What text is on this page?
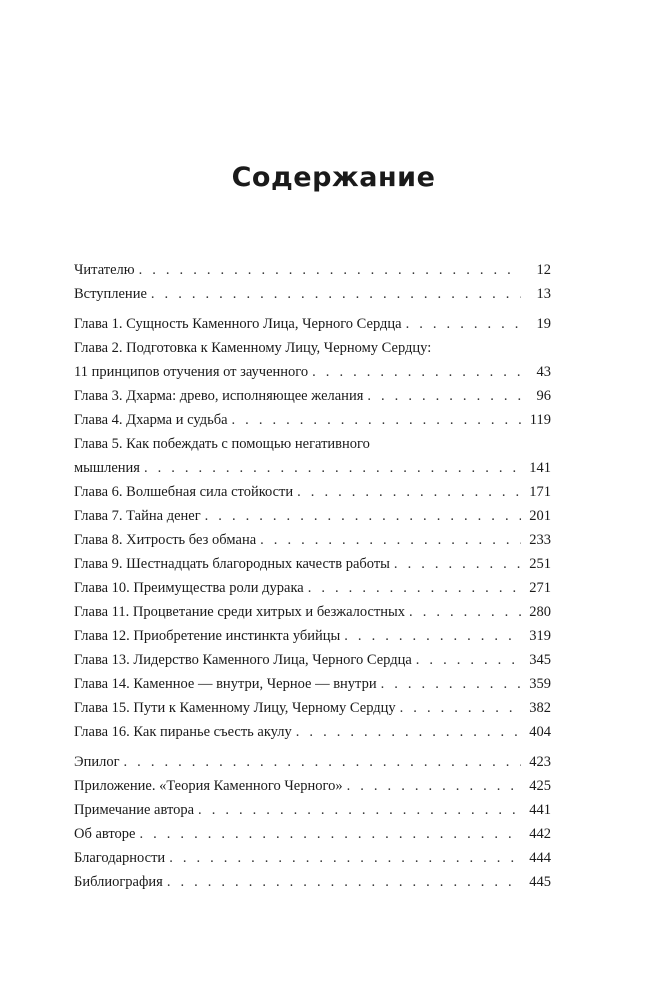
Содержание
Читателю . . .	12
Вступление . . .	13
Глава 1. Сущность Каменного Лица, Черного Сердца . . .	19
Глава 2. Подготовка к Каменному Лицу, Черному Сердцу:
11 принципов отучения от заученного . . .	43
Глава 3. Дхарма: древо, исполняющее желания . . .	96
Глава 4. Дхарма и судьба . . .	119
Глава 5. Как побеждать с помощью негативного
мышления . . .	141
Глава 6. Волшебная сила стойкости . . .	171
Глава 7. Тайна денег . . .	201
Глава 8. Хитрость без обмана . . .	233
Глава 9. Шестнадцать благородных качеств работы . . .	251
Глава 10. Преимущества роли дурака . . .	271
Глава 11. Процветание среди хитрых и безжалостных . . .	280
Глава 12. Приобретение инстинкта убийцы . . .	319
Глава 13. Лидерство Каменного Лица, Черного Сердца . . .	345
Глава 14. Каменное — внутри, Черное — внутри . . .	359
Глава 15. Пути к Каменному Лицу, Черному Сердцу . . .	382
Глава 16. Как пиранье съесть акулу . . .	404
Эпилог . . .	423
Приложение. «Теория Каменного Черного» . . .	425
Примечание автора . . .	441
Об авторе . . .	442
Благодарности . . .	444
Библиография . . .	445
